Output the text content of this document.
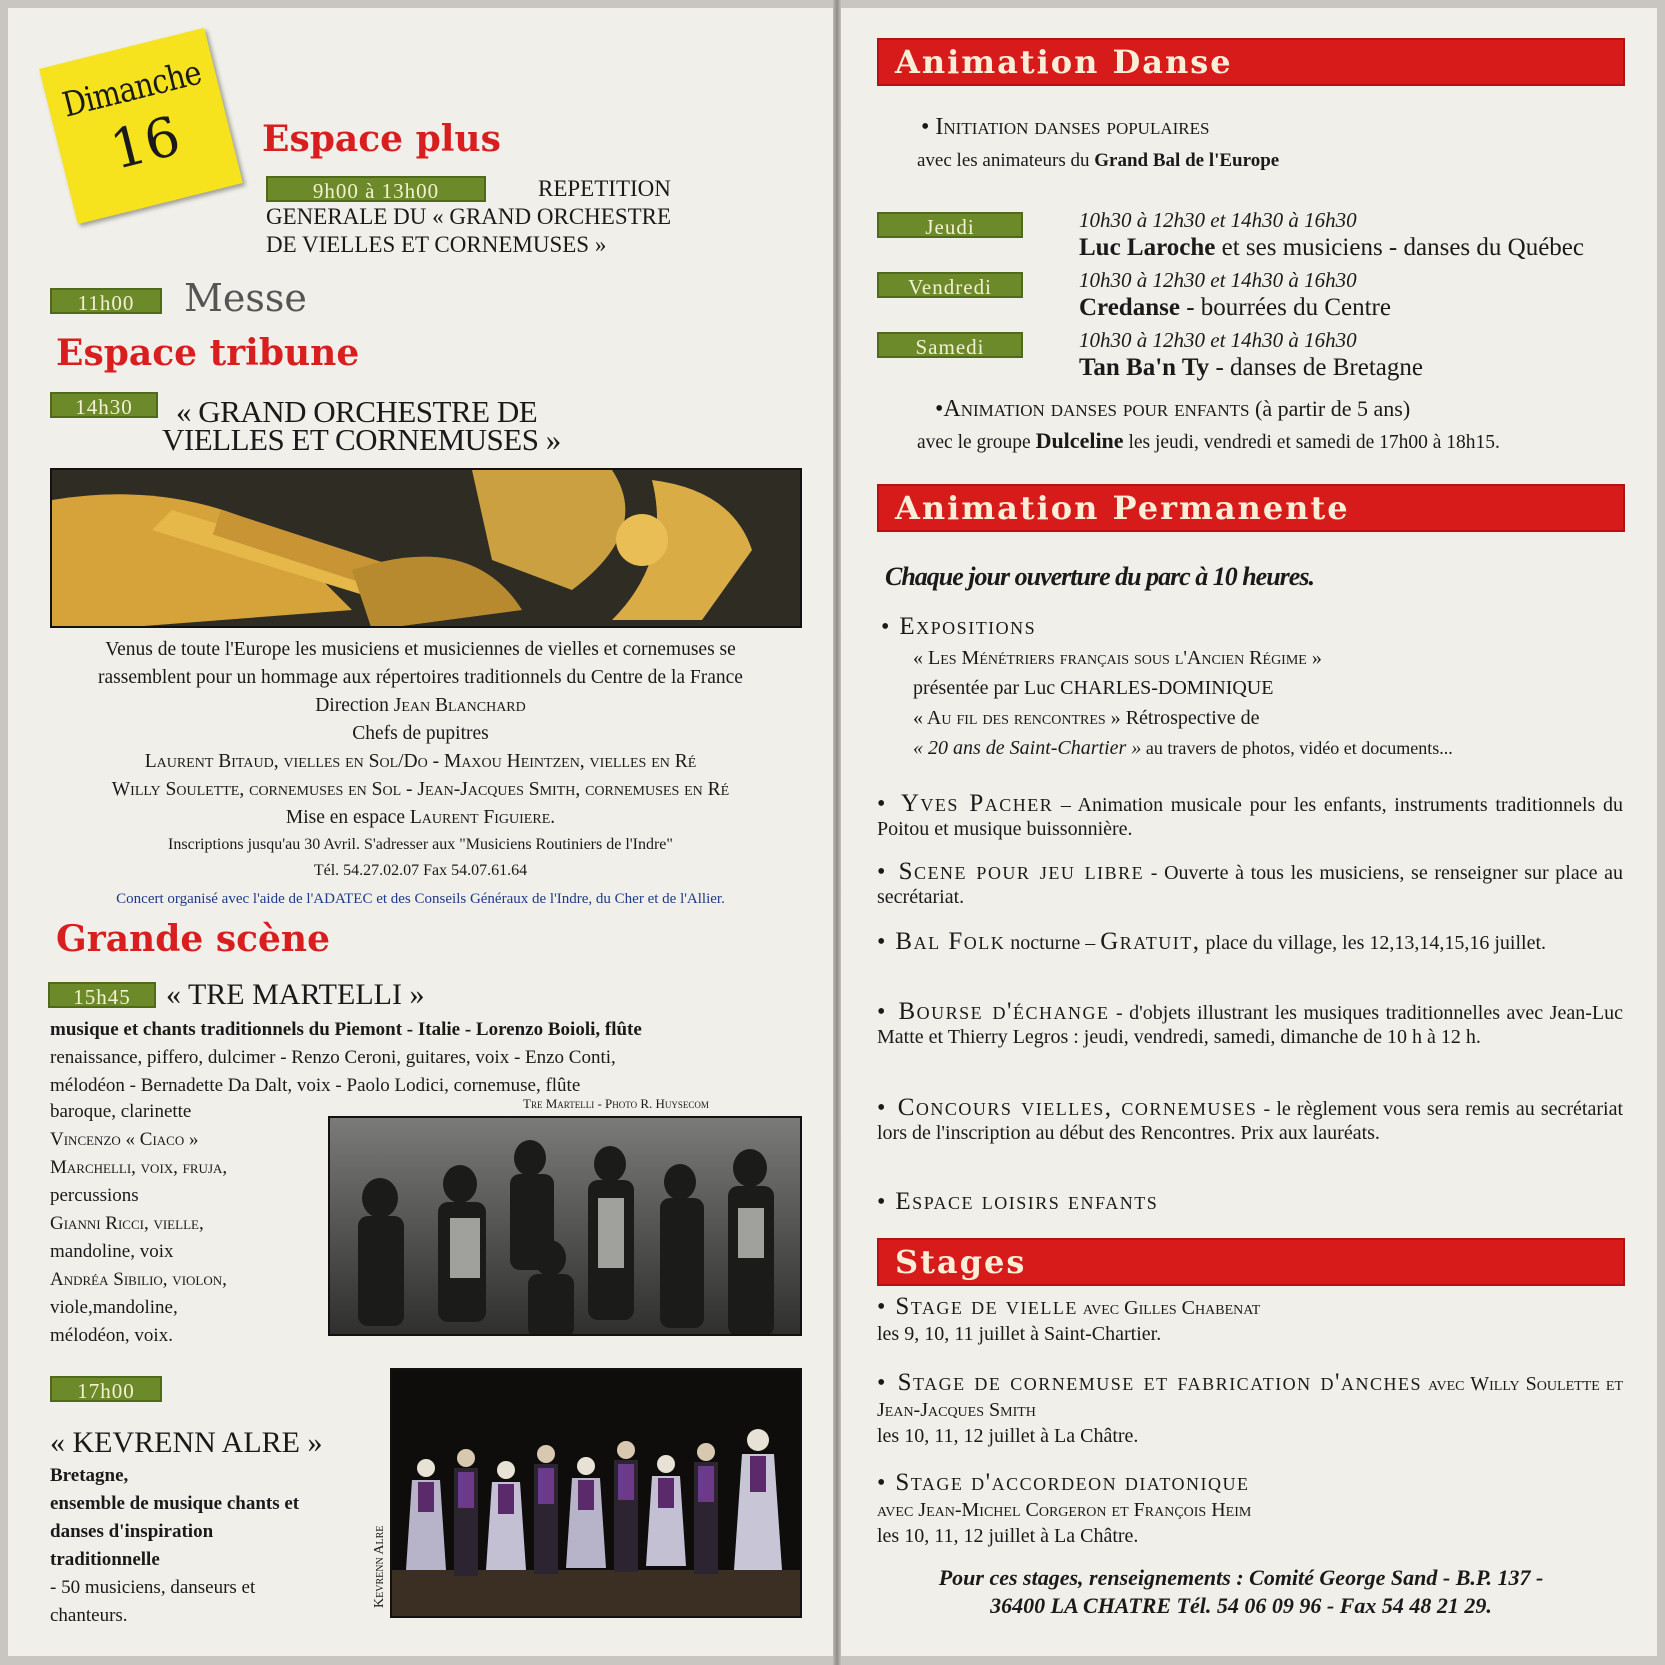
Dimanche
16	Espace plus
9h00 à 13h00	REPETITION
GENERALE DU « GRAND ORCHESTRE
DE VIELLES ET CORNEMUSES »
11h00	Messe
Espace tribune
14h30	« GRAND ORCHESTRE DE
VIELLES ET CORNEMUSES »
Venus de toute l'Europe les musiciens et musiciennes de vielles et cornemuses se
rassemblent pour un hommage aux répertoires traditionnels du Centre de la France
Direction Jean Blanchard
Chefs de pupitres
Laurent Bitaud, vielles en Sol/Do - Maxou Heintzen, vielles en Ré
Willy Soulette, cornemuses en Sol - Jean-Jacques Smith, cornemuses en Ré
Mise en espace Laurent Figuiere.
Inscriptions jusqu'au 30 Avril. S'adresser aux "Musiciens Routiniers de l'Indre"
Tél. 54.27.02.07 Fax 54.07.61.64
Concert organisé avec l'aide de l'ADATEC et des Conseils Généraux de l'Indre, du Cher et de l'Allier.
Grande scène
15h45	« TRE MARTELLI »
musique et chants traditionnels du Piemont - Italie - Lorenzo Boioli, flûte
renaissance, piffero, dulcimer - Renzo Ceroni, guitares, voix - Enzo Conti,
mélodéon - Bernadette Da Dalt, voix - Paolo Lodici, cornemuse, flûte
Tre Martelli - Photo R. Huysecom
baroque, clarinette
Vincenzo « Ciaco »
Marchelli, voix, fruja,
percussions
Gianni Ricci, vielle,
mandoline, voix
Andréa Sibilio, violon,
viole,mandoline,
mélodéon, voix.
17h00
« KEVRENN ALRE »
Bretagne,
ensemble de musique chants et
danses d'inspiration
traditionnelle
- 50 musiciens, danseurs et
chanteurs.
Kevrenn Alre
Animation Danse
• Initiation danses populaires
avec les animateurs du Grand Bal de l'Europe
Jeudi	10h30 à 12h30 et 14h30 à 16h30
Luc Laroche et ses musiciens - danses du Québec
Vendredi	10h30 à 12h30 et 14h30 à 16h30
Credanse - bourrées du Centre
Samedi	10h30 à 12h30 et 14h30 à 16h30
Tan Ba'n Ty - danses de Bretagne
•Animation danses pour enfants (à partir de 5 ans)
avec le groupe Dulceline les jeudi, vendredi et samedi de 17h00 à 18h15.
Animation Permanente
Chaque jour ouverture du parc à 10 heures.
• Expositions
« Les Ménétriers français sous l'Ancien Régime »
présentée par Luc CHARLES-DOMINIQUE
« Au fil des rencontres » Rétrospective de
« 20 ans de Saint-Chartier » au travers de photos, vidéo et documents...
• Yves Pacher – Animation musicale pour les enfants, instruments traditionnels du Poitou et musique buissonnière.
• Scene pour jeu libre - Ouverte à tous les musiciens, se renseigner sur place au secrétariat.
• Bal Folk nocturne – Gratuit, place du village, les 12,13,14,15,16 juillet.
• Bourse d'échange - d'objets illustrant les musiques traditionnelles avec Jean-Luc Matte et Thierry Legros : jeudi, vendredi, samedi, dimanche de 10 h à 12 h.
• Concours vielles, cornemuses - le règlement vous sera remis au secrétariat lors de l'inscription au début des Rencontres. Prix aux lauréats.
• Espace loisirs enfants
Stages
• Stage de vielle avec Gilles Chabenat
les 9, 10, 11 juillet à Saint-Chartier.
• Stage de cornemuse et fabrication d'anches avec Willy Soulette et Jean-Jacques Smith
les 10, 11, 12 juillet à La Châtre.
• Stage d'accordeon diatonique
avec Jean-Michel Corgeron et François Heim
les 10, 11, 12 juillet à La Châtre.
Pour ces stages, renseignements : Comité George Sand - B.P. 137 -
36400 LA CHATRE Tél. 54 06 09 96 - Fax 54 48 21 29.
